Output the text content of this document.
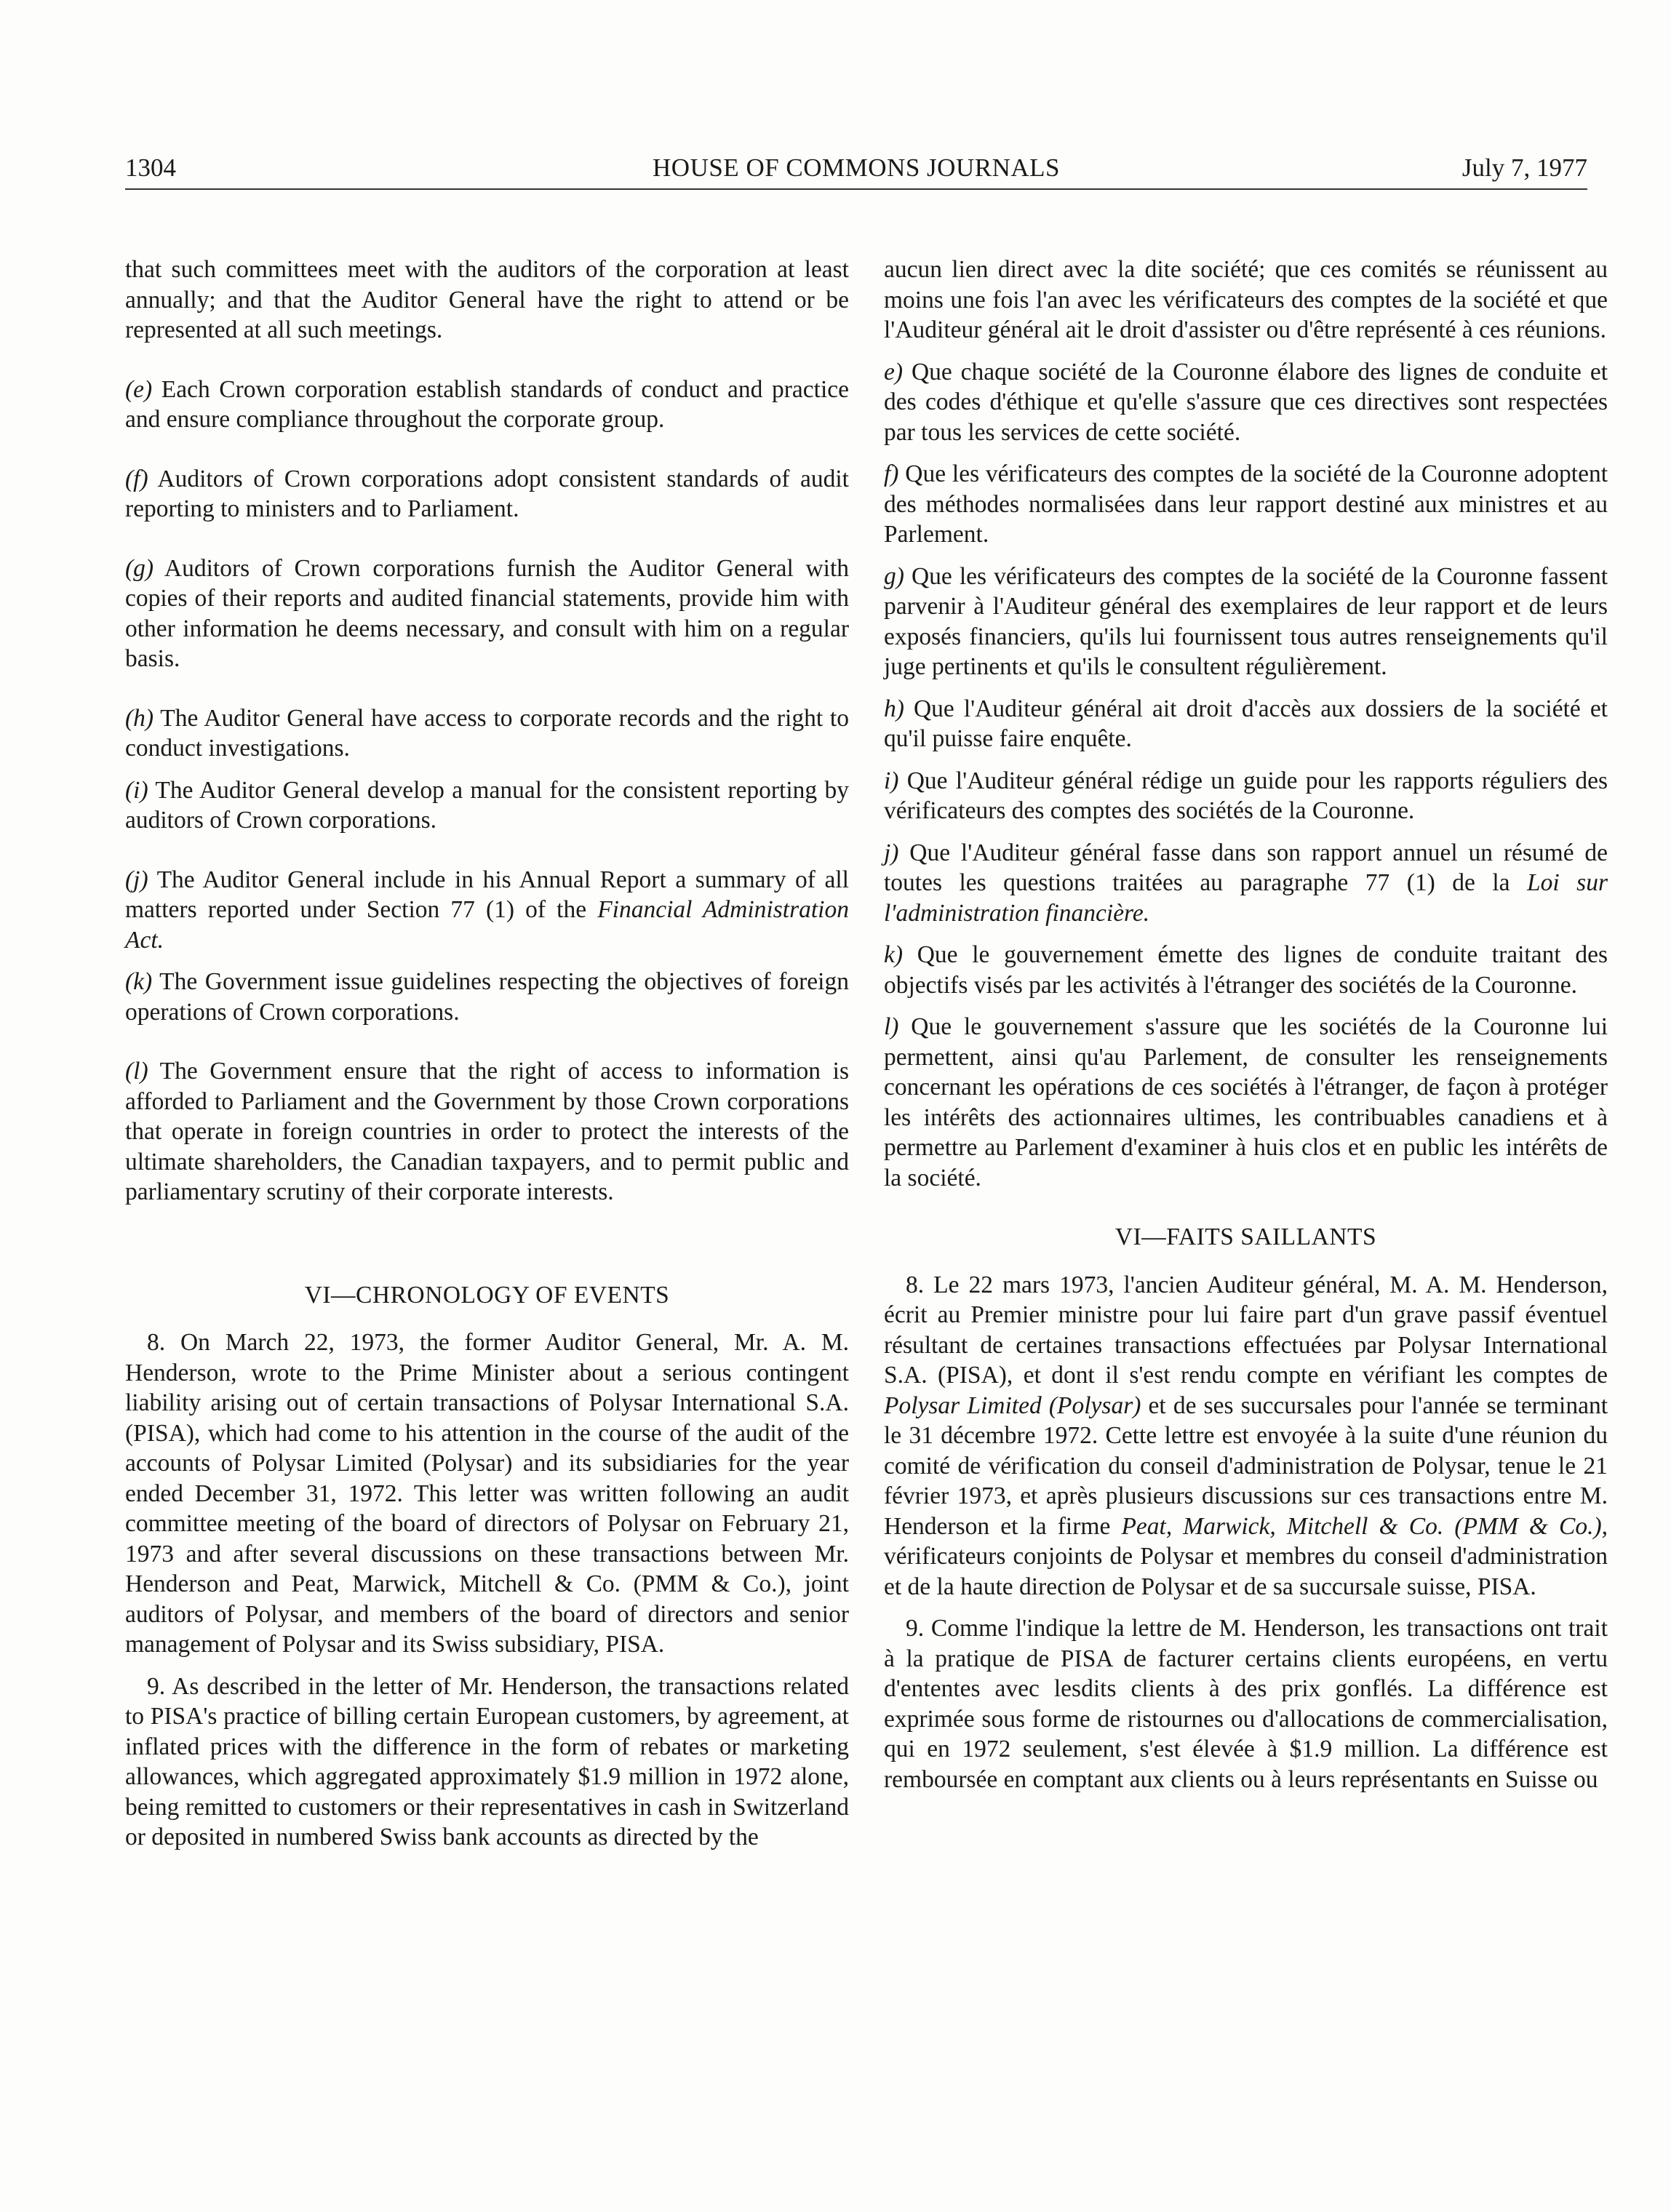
1304	HOUSE OF COMMONS JOURNALS	July 7, 1977

that such committees meet with the auditors of the corporation at least annually; and that the Auditor General have the right to attend or be represented at all such meetings.

(e) Each Crown corporation establish standards of conduct and practice and ensure compliance throughout the corporate group.

(f) Auditors of Crown corporations adopt consistent standards of audit reporting to ministers and to Parliament.

(g) Auditors of Crown corporations furnish the Auditor General with copies of their reports and audited financial statements, provide him with other information he deems necessary, and consult with him on a regular basis.

(h) The Auditor General have access to corporate records and the right to conduct investigations.

(i) The Auditor General develop a manual for the consistent reporting by auditors of Crown corporations.

(j) The Auditor General include in his Annual Report a summary of all matters reported under Section 77 (1) of the Financial Administration Act.

(k) The Government issue guidelines respecting the objectives of foreign operations of Crown corporations.

(l) The Government ensure that the right of access to information is afforded to Parliament and the Government by those Crown corporations that operate in foreign countries in order to protect the interests of the ultimate shareholders, the Canadian taxpayers, and to permit public and parliamentary scrutiny of their corporate interests.

VI—CHRONOLOGY OF EVENTS

8. On March 22, 1973, the former Auditor General, Mr. A. M. Henderson, wrote to the Prime Minister about a serious contingent liability arising out of certain transactions of Polysar International S.A. (PISA), which had come to his attention in the course of the audit of the accounts of Polysar Limited (Polysar) and its subsidiaries for the year ended December 31, 1972. This letter was written following an audit committee meeting of the board of directors of Polysar on February 21, 1973 and after several discussions on these transactions between Mr. Henderson and Peat, Marwick, Mitchell & Co. (PMM & Co.), joint auditors of Polysar, and members of the board of directors and senior management of Polysar and its Swiss subsidiary, PISA.

9. As described in the letter of Mr. Henderson, the transactions related to PISA's practice of billing certain European customers, by agreement, at inflated prices with the difference in the form of rebates or marketing allowances, which aggregated approximately $1.9 million in 1972 alone, being remitted to customers or their representatives in cash in Switzerland or deposited in numbered Swiss bank accounts as directed by the

aucun lien direct avec la dite société; que ces comités se réunissent au moins une fois l'an avec les vérificateurs des comptes de la société et que l'Auditeur général ait le droit d'assister ou d'être représenté à ces réunions.

e) Que chaque société de la Couronne élabore des lignes de conduite et des codes d'éthique et qu'elle s'assure que ces directives sont respectées par tous les services de cette société.

f) Que les vérificateurs des comptes de la société de la Couronne adoptent des méthodes normalisées dans leur rapport destiné aux ministres et au Parlement.

g) Que les vérificateurs des comptes de la société de la Couronne fassent parvenir à l'Auditeur général des exemplaires de leur rapport et de leurs exposés financiers, qu'ils lui fournissent tous autres renseignements qu'il juge pertinents et qu'ils le consultent régulièrement.

h) Que l'Auditeur général ait droit d'accès aux dossiers de la société et qu'il puisse faire enquête.

i) Que l'Auditeur général rédige un guide pour les rapports réguliers des vérificateurs des comptes des sociétés de la Couronne.

j) Que l'Auditeur général fasse dans son rapport annuel un résumé de toutes les questions traitées au paragraphe 77 (1) de la Loi sur l'administration financière.

k) Que le gouvernement émette des lignes de conduite traitant des objectifs visés par les activités à l'étranger des sociétés de la Couronne.

l) Que le gouvernement s'assure que les sociétés de la Couronne lui permettent, ainsi qu'au Parlement, de consulter les renseignements concernant les opérations de ces sociétés à l'étranger, de façon à protéger les intérêts des actionnaires ultimes, les contribuables canadiens et à permettre au Parlement d'examiner à huis clos et en public les intérêts de la société.

VI—FAITS SAILLANTS

8. Le 22 mars 1973, l'ancien Auditeur général, M. A. M. Henderson, écrit au Premier ministre pour lui faire part d'un grave passif éventuel résultant de certaines transactions effectuées par Polysar International S.A. (PISA), et dont il s'est rendu compte en vérifiant les comptes de Polysar Limited (Polysar) et de ses succursales pour l'année se terminant le 31 décembre 1972. Cette lettre est envoyée à la suite d'une réunion du comité de vérification du conseil d'administration de Polysar, tenue le 21 février 1973, et après plusieurs discussions sur ces transactions entre M. Henderson et la firme Peat, Marwick, Mitchell & Co. (PMM & Co.), vérificateurs conjoints de Polysar et membres du conseil d'administration et de la haute direction de Polysar et de sa succursale suisse, PISA.

9. Comme l'indique la lettre de M. Henderson, les transactions ont trait à la pratique de PISA de facturer certains clients européens, en vertu d'ententes avec lesdits clients à des prix gonflés. La différence est exprimée sous forme de ristournes ou d'allocations de commercialisation, qui en 1972 seulement, s'est élevée à $1.9 million. La différence est remboursée en comptant aux clients ou à leurs représentants en Suisse ou
